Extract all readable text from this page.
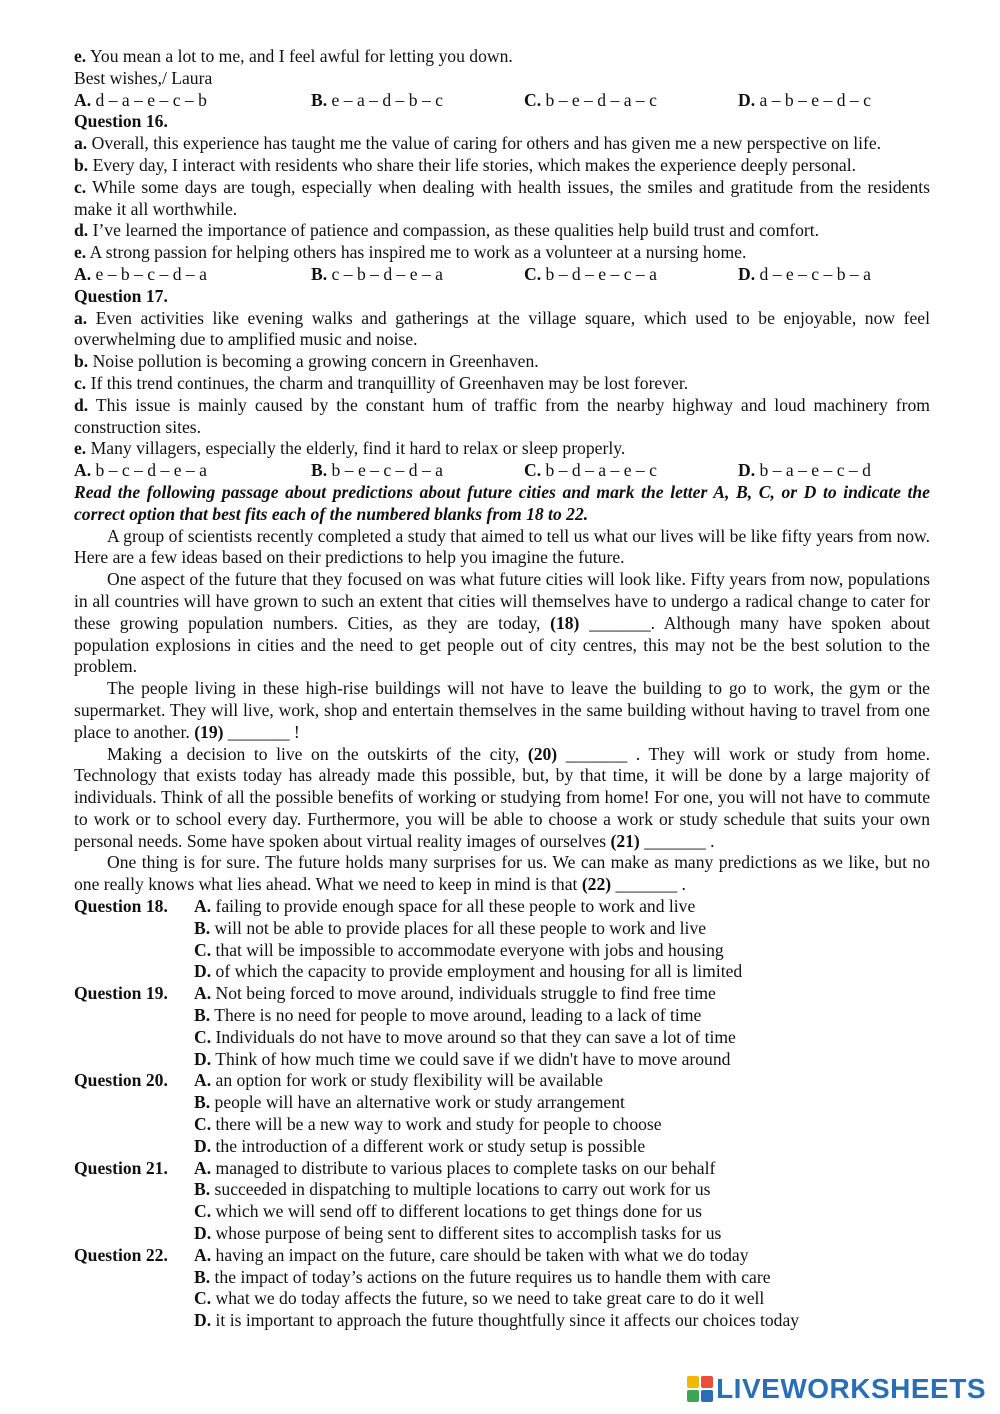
e. You mean a lot to me, and I feel awful for letting you down.
Best wishes,/ Laura
A. d – a – e – c – b	B. e – a – d – b – c	C. b – e – d – a – c	D. a – b – e – d – c
Question 16.
a. Overall, this experience has taught me the value of caring for others and has given me a new perspective on life.
b. Every day, I interact with residents who share their life stories, which makes the experience deeply personal.
c. While some days are tough, especially when dealing with health issues, the smiles and gratitude from the residents make it all worthwhile.
d. I’ve learned the importance of patience and compassion, as these qualities help build trust and comfort.
e. A strong passion for helping others has inspired me to work as a volunteer at a nursing home.
A. e – b – c – d – a	B. c – b – d – e – a	C. b – d – e – c – a	D. d – e – c – b – a
Question 17.
a. Even activities like evening walks and gatherings at the village square, which used to be enjoyable, now feel overwhelming due to amplified music and noise.
b. Noise pollution is becoming a growing concern in Greenhaven.
c. If this trend continues, the charm and tranquillity of Greenhaven may be lost forever.
d. This issue is mainly caused by the constant hum of traffic from the nearby highway and loud machinery from construction sites.
e. Many villagers, especially the elderly, find it hard to relax or sleep properly.
A. b – c – d – e – a	B. b – e – c – d – a	C. b – d – a – e – c	D. b – a – e – c – d
Read the following passage about predictions about future cities and mark the letter A, B, C, or D to indicate the correct option that best fits each of the numbered blanks from 18 to 22.
A group of scientists recently completed a study that aimed to tell us what our lives will be like fifty years from now. Here are a few ideas based on their predictions to help you imagine the future.
One aspect of the future that they focused on was what future cities will look like. Fifty years from now, populations in all countries will have grown to such an extent that cities will themselves have to undergo a radical change to cater for these growing population numbers. Cities, as they are today, (18) _______. Although many have spoken about population explosions in cities and the need to get people out of city centres, this may not be the best solution to the problem.
The people living in these high-rise buildings will not have to leave the building to go to work, the gym or the supermarket. They will live, work, shop and entertain themselves in the same building without having to travel from one place to another. (19) _______ !
Making a decision to live on the outskirts of the city, (20) _______ . They will work or study from home. Technology that exists today has already made this possible, but, by that time, it will be done by a large majority of individuals. Think of all the possible benefits of working or studying from home! For one, you will not have to commute to work or to school every day. Furthermore, you will be able to choose a work or study schedule that suits your own personal needs. Some have spoken about virtual reality images of ourselves (21) _______ .
One thing is for sure. The future holds many surprises for us. We can make as many predictions as we like, but no one really knows what lies ahead. What we need to keep in mind is that (22) _______ .
Question 18.	A. failing to provide enough space for all these people to work and live
B. will not be able to provide places for all these people to work and live
C. that will be impossible to accommodate everyone with jobs and housing
D. of which the capacity to provide employment and housing for all is limited
Question 19.	A. Not being forced to move around, individuals struggle to find free time
B. There is no need for people to move around, leading to a lack of time
C. Individuals do not have to move around so that they can save a lot of time
D. Think of how much time we could save if we didn't have to move around
Question 20.	A. an option for work or study flexibility will be available
B. people will have an alternative work or study arrangement
C. there will be a new way to work and study for people to choose
D. the introduction of a different work or study setup is possible
Question 21.	A. managed to distribute to various places to complete tasks on our behalf
B. succeeded in dispatching to multiple locations to carry out work for us
C. which we will send off to different locations to get things done for us
D. whose purpose of being sent to different sites to accomplish tasks for us
Question 22.	A. having an impact on the future, care should be taken with what we do today
B. the impact of today’s actions on the future requires us to handle them with care
C. what we do today affects the future, so we need to take great care to do it well
D. it is important to approach the future thoughtfully since it affects our choices today
LIVEWORKSHEETS
